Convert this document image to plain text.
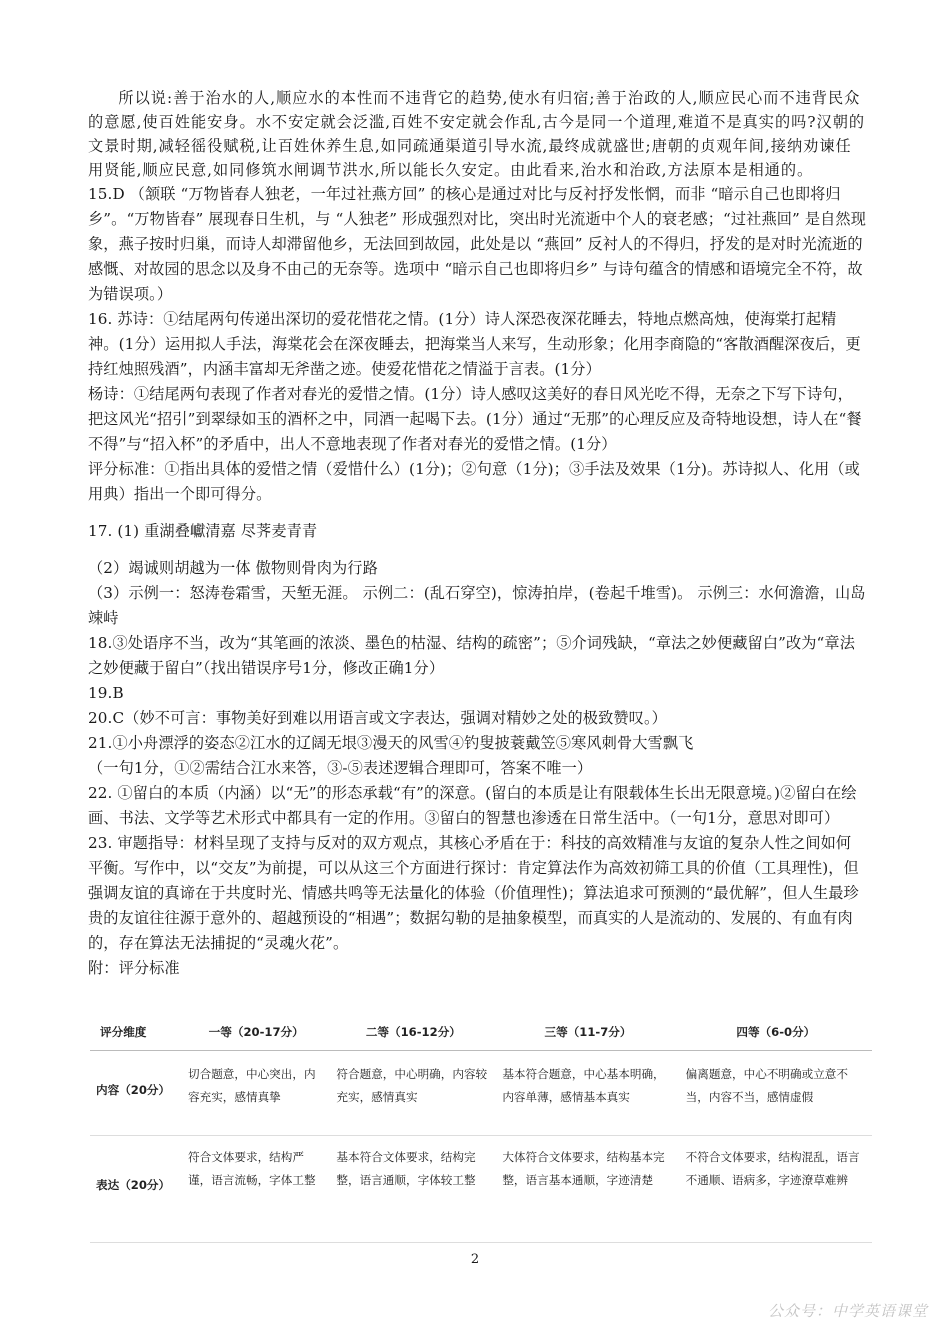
所以说:善于治水的人,顺应水的本性而不违背它的趋势,使水有归宿;善于治政的人,顺应民心而不违背民众的意愿,使百姓能安身。水不安定就会泛滥,百姓不安定就会作乱,古今是同一个道理,难道不是真实的吗?汉朝的文景时期,减轻徭役赋税,让百姓休养生息,如同疏通渠道引导水流,最终成就盛世;唐朝的贞观年间,接纳劝谏任用贤能,顺应民意,如同修筑水闸调节洪水,所以能长久安定。由此看来,治水和治政,方法原本是相通的。

15.D （颔联 “万物皆春人独老，一年过社燕方回” 的核心是通过对比与反衬抒发怅惘，而非 “暗示自己也即将归乡”。“万物皆春” 展现春日生机，与 “人独老” 形成强烈对比，突出时光流逝中个人的衰老感；“过社燕回” 是自然现象，燕子按时归巢，而诗人却滞留他乡，无法回到故园，此处是以 “燕回” 反衬人的不得归，抒发的是对时光流逝的感慨、对故园的思念以及身不由己的无奈等。选项中 “暗示自己也即将归乡” 与诗句蕴含的情感和语境完全不符，故为错误项。）

16. 苏诗：①结尾两句传递出深切的爱花惜花之情。(1分）诗人深恐夜深花睡去，特地点燃高烛，使海棠打起精神。(1分）运用拟人手法，海棠花会在深夜睡去，把海棠当人来写，生动形象；化用李商隐的“客散酒醒深夜后，更持红烛照残酒”，内涵丰富却无斧凿之迹。使爱花惜花之情溢于言表。(1分）

杨诗：①结尾两句表现了作者对春光的爱惜之情。(1分）诗人感叹这美好的春日风光吃不得，无奈之下写下诗句，把这风光“招引”到翠绿如玉的酒杯之中，同酒一起喝下去。(1分）通过“无那”的心理反应及奇特地设想，诗人在“餐不得”与“招入杯”的矛盾中，出人不意地表现了作者对春光的爱惜之情。(1分）

评分标准：①指出具体的爱惜之情（爱惜什么）(1分)；②句意（1分)；③手法及效果（1分)。苏诗拟人、化用（或用典）指出一个即可得分。

17. (1) 重湖叠巘清嘉 尽荠麦青青

（2）竭诚则胡越为一体 傲物则骨肉为行路

（3）示例一：怒涛卷霜雪，天堑无涯。 示例二：(乱石穿空)，惊涛拍岸，(卷起千堆雪)。 示例三：水何澹澹，山岛竦峙

18.③处语序不当，改为“其笔画的浓淡、墨色的枯湿、结构的疏密”；⑤介词残缺，“章法之妙便藏留白”改为“章法之妙便藏于留白”（找出错误序号1分，修改正确1分）

19.B

20.C（妙不可言：事物美好到难以用语言或文字表达，强调对精妙之处的极致赞叹。）

21.①小舟漂浮的姿态②江水的辽阔无垠③漫天的风雪④钓叟披蓑戴笠⑤寒风刺骨大雪飘飞

（一句1分，①②需结合江水来答，③-⑤表述逻辑合理即可，答案不唯一）

22. ①留白的本质（内涵）以“无”的形态承载“有”的深意。(留白的本质是让有限载体生长出无限意境。)②留白在绘画、书法、文学等艺术形式中都具有一定的作用。③留白的智慧也渗透在日常生活中。（一句1分，意思对即可）

23. 审题指导：材料呈现了支持与反对的双方观点，其核心矛盾在于：科技的高效精准与友谊的复杂人性之间如何平衡。写作中，以“交友”为前提，可以从这三个方面进行探讨：肯定算法作为高效初筛工具的价值（工具理性)，但强调友谊的真谛在于共度时光、情感共鸣等无法量化的体验（价值理性)；算法追求可预测的“最优解”，但人生最珍贵的友谊往往源于意外的、超越预设的“相遇”；数据勾勒的是抽象模型，而真实的人是流动的、发展的、有血有肉的，存在算法无法捕捉的“灵魂火花”。

附：评分标准

评分维度	一等（20-17分）	二等（16-12分）	三等（11-7分）	四等（6-0分）
内容（20分）	切合题意，中心突出，内容充实，感情真挚	符合题意，中心明确，内容较充实，感情真实	基本符合题意，中心基本明确，内容单薄，感情基本真实	偏离题意，中心不明确或立意不当，内容不当，感情虚假
表达（20分）	符合文体要求，结构严谨，语言流畅，字体工整	基本符合文体要求，结构完整，语言通顺，字体较工整	大体符合文体要求，结构基本完整，语言基本通顺，字迹清楚	不符合文体要求，结构混乱，语言不通顺、语病多，字迹潦草难辨
2
公众号：中学英语课堂
